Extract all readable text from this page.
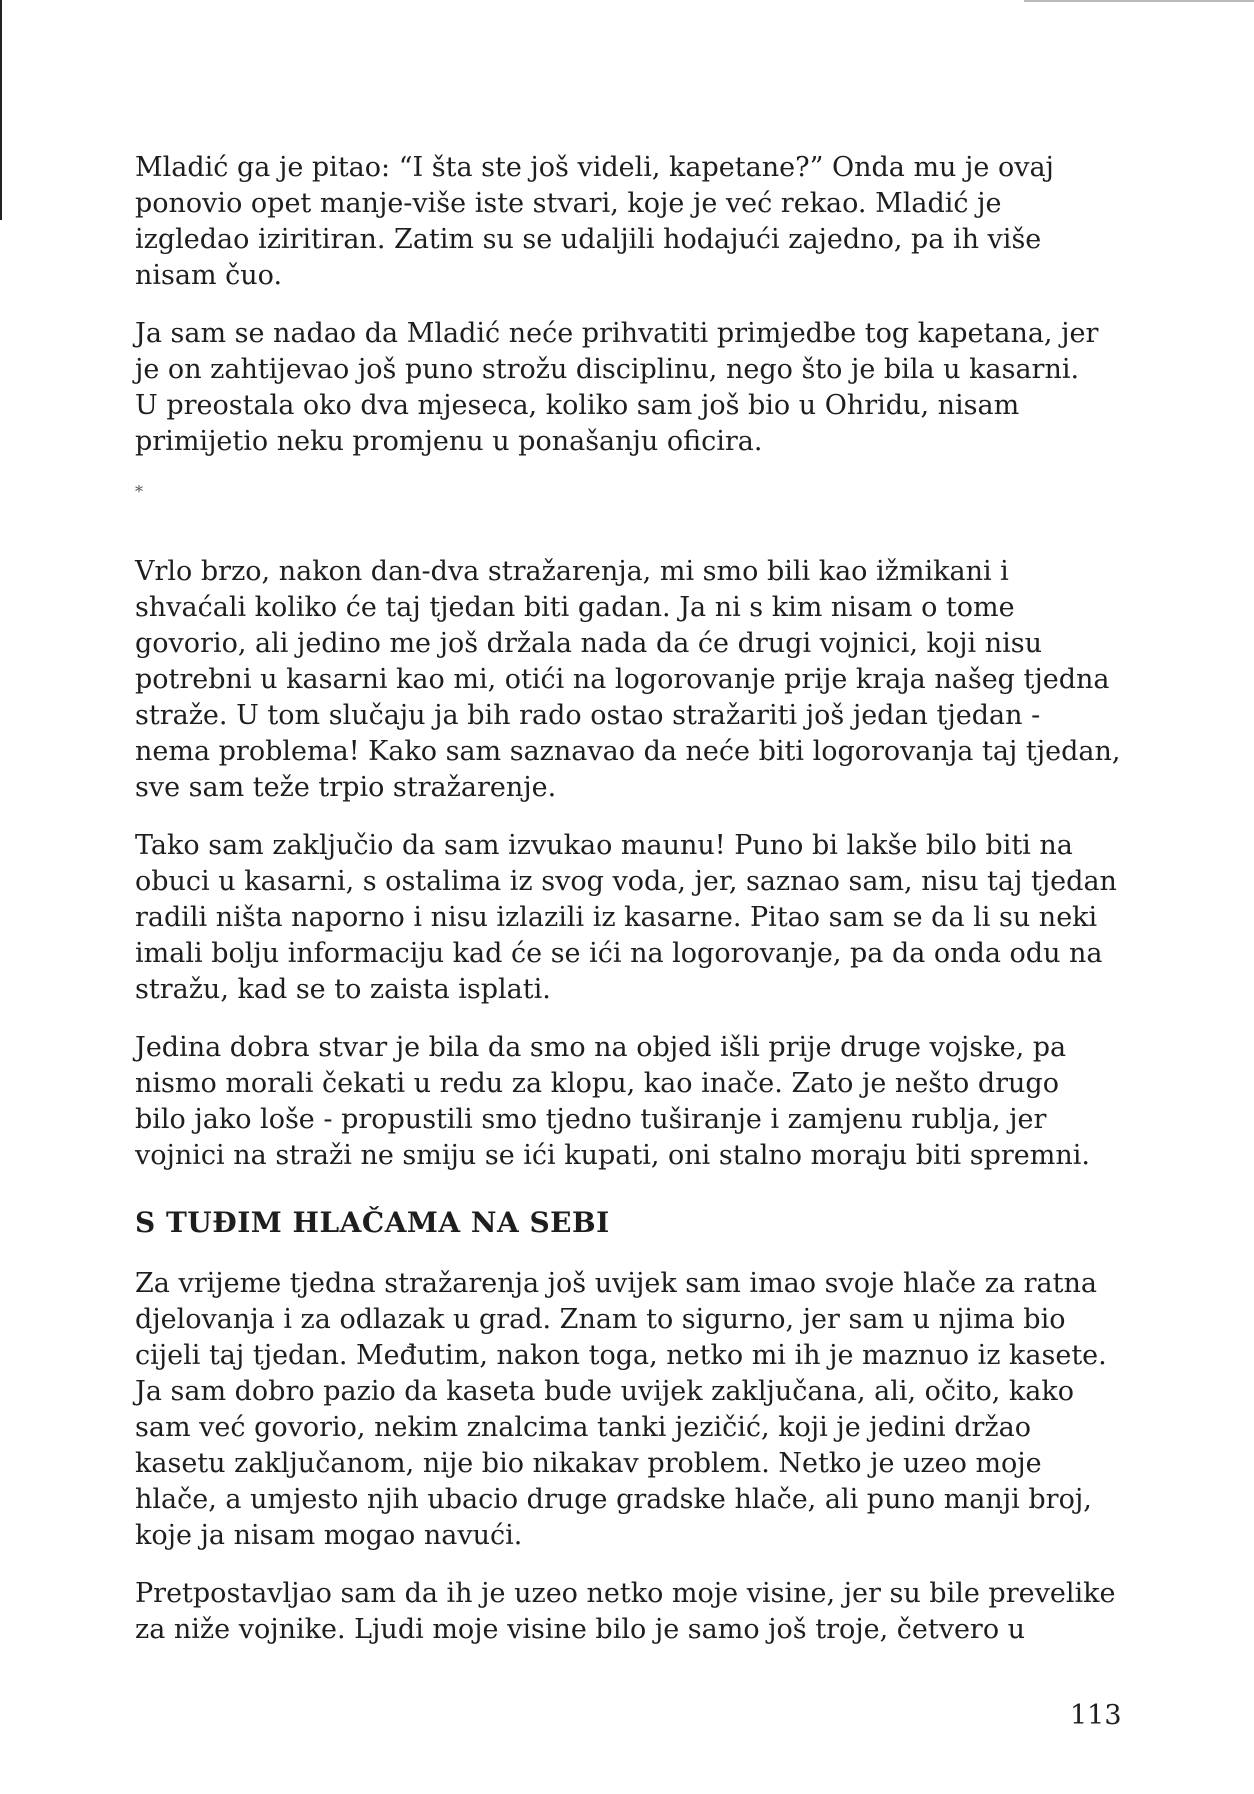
Mladić ga je pitao: “I šta ste još videli, kapetane?” Onda mu je ovaj
ponovio opet manje-više iste stvari, koje je već rekao. Mladić je
izgledao iziritiran. Zatim su se udaljili hodajući zajedno, pa ih više
nisam čuo.

Ja sam se nadao da Mladić neće prihvatiti primjedbe tog kapetana, jer
je on zahtijevao još puno strožu disciplinu, nego što je bila u kasarni.
U preostala oko dva mjeseca, koliko sam još bio u Ohridu, nisam
primijetio neku promjenu u ponašanju oficira.

*

Vrlo brzo, nakon dan-dva stražarenja, mi smo bili kao ižmikani i
shvaćali koliko će taj tjedan biti gadan. Ja ni s kim nisam o tome
govorio, ali jedino me još držala nada da će drugi vojnici, koji nisu
potrebni u kasarni kao mi, otići na logorovanje prije kraja našeg tjedna
straže. U tom slučaju ja bih rado ostao stražariti još jedan tjedan -
nema problema! Kako sam saznavao da neće biti logorovanja taj tjedan,
sve sam teže trpio stražarenje.

Tako sam zaključio da sam izvukao maunu! Puno bi lakše bilo biti na
obuci u kasarni, s ostalima iz svog voda, jer, saznao sam, nisu taj tjedan
radili ništa naporno i nisu izlazili iz kasarne. Pitao sam se da li su neki
imali bolju informaciju kad će se ići na logorovanje, pa da onda odu na
stražu, kad se to zaista isplati.

Jedina dobra stvar je bila da smo na objed išli prije druge vojske, pa
nismo morali čekati u redu za klopu, kao inače. Zato je nešto drugo
bilo jako loše - propustili smo tjedno tuširanje i zamjenu rublja, jer
vojnici na straži ne smiju se ići kupati, oni stalno moraju biti spremni.

S TUĐIM HLAČAMA NA SEBI

Za vrijeme tjedna stražarenja još uvijek sam imao svoje hlače za ratna
djelovanja i za odlazak u grad. Znam to sigurno, jer sam u njima bio
cijeli taj tjedan. Međutim, nakon toga, netko mi ih je maznuo iz kasete.
Ja sam dobro pazio da kaseta bude uvijek zaključana, ali, očito, kako
sam već govorio, nekim znalcima tanki jezičić, koji je jedini držao
kasetu zaključanom, nije bio nikakav problem. Netko je uzeo moje
hlače, a umjesto njih ubacio druge gradske hlače, ali puno manji broj,
koje ja nisam mogao navući.

Pretpostavljao sam da ih je uzeo netko moje visine, jer su bile prevelike
za niže vojnike. Ljudi moje visine bilo je samo još troje, četvero u

113
